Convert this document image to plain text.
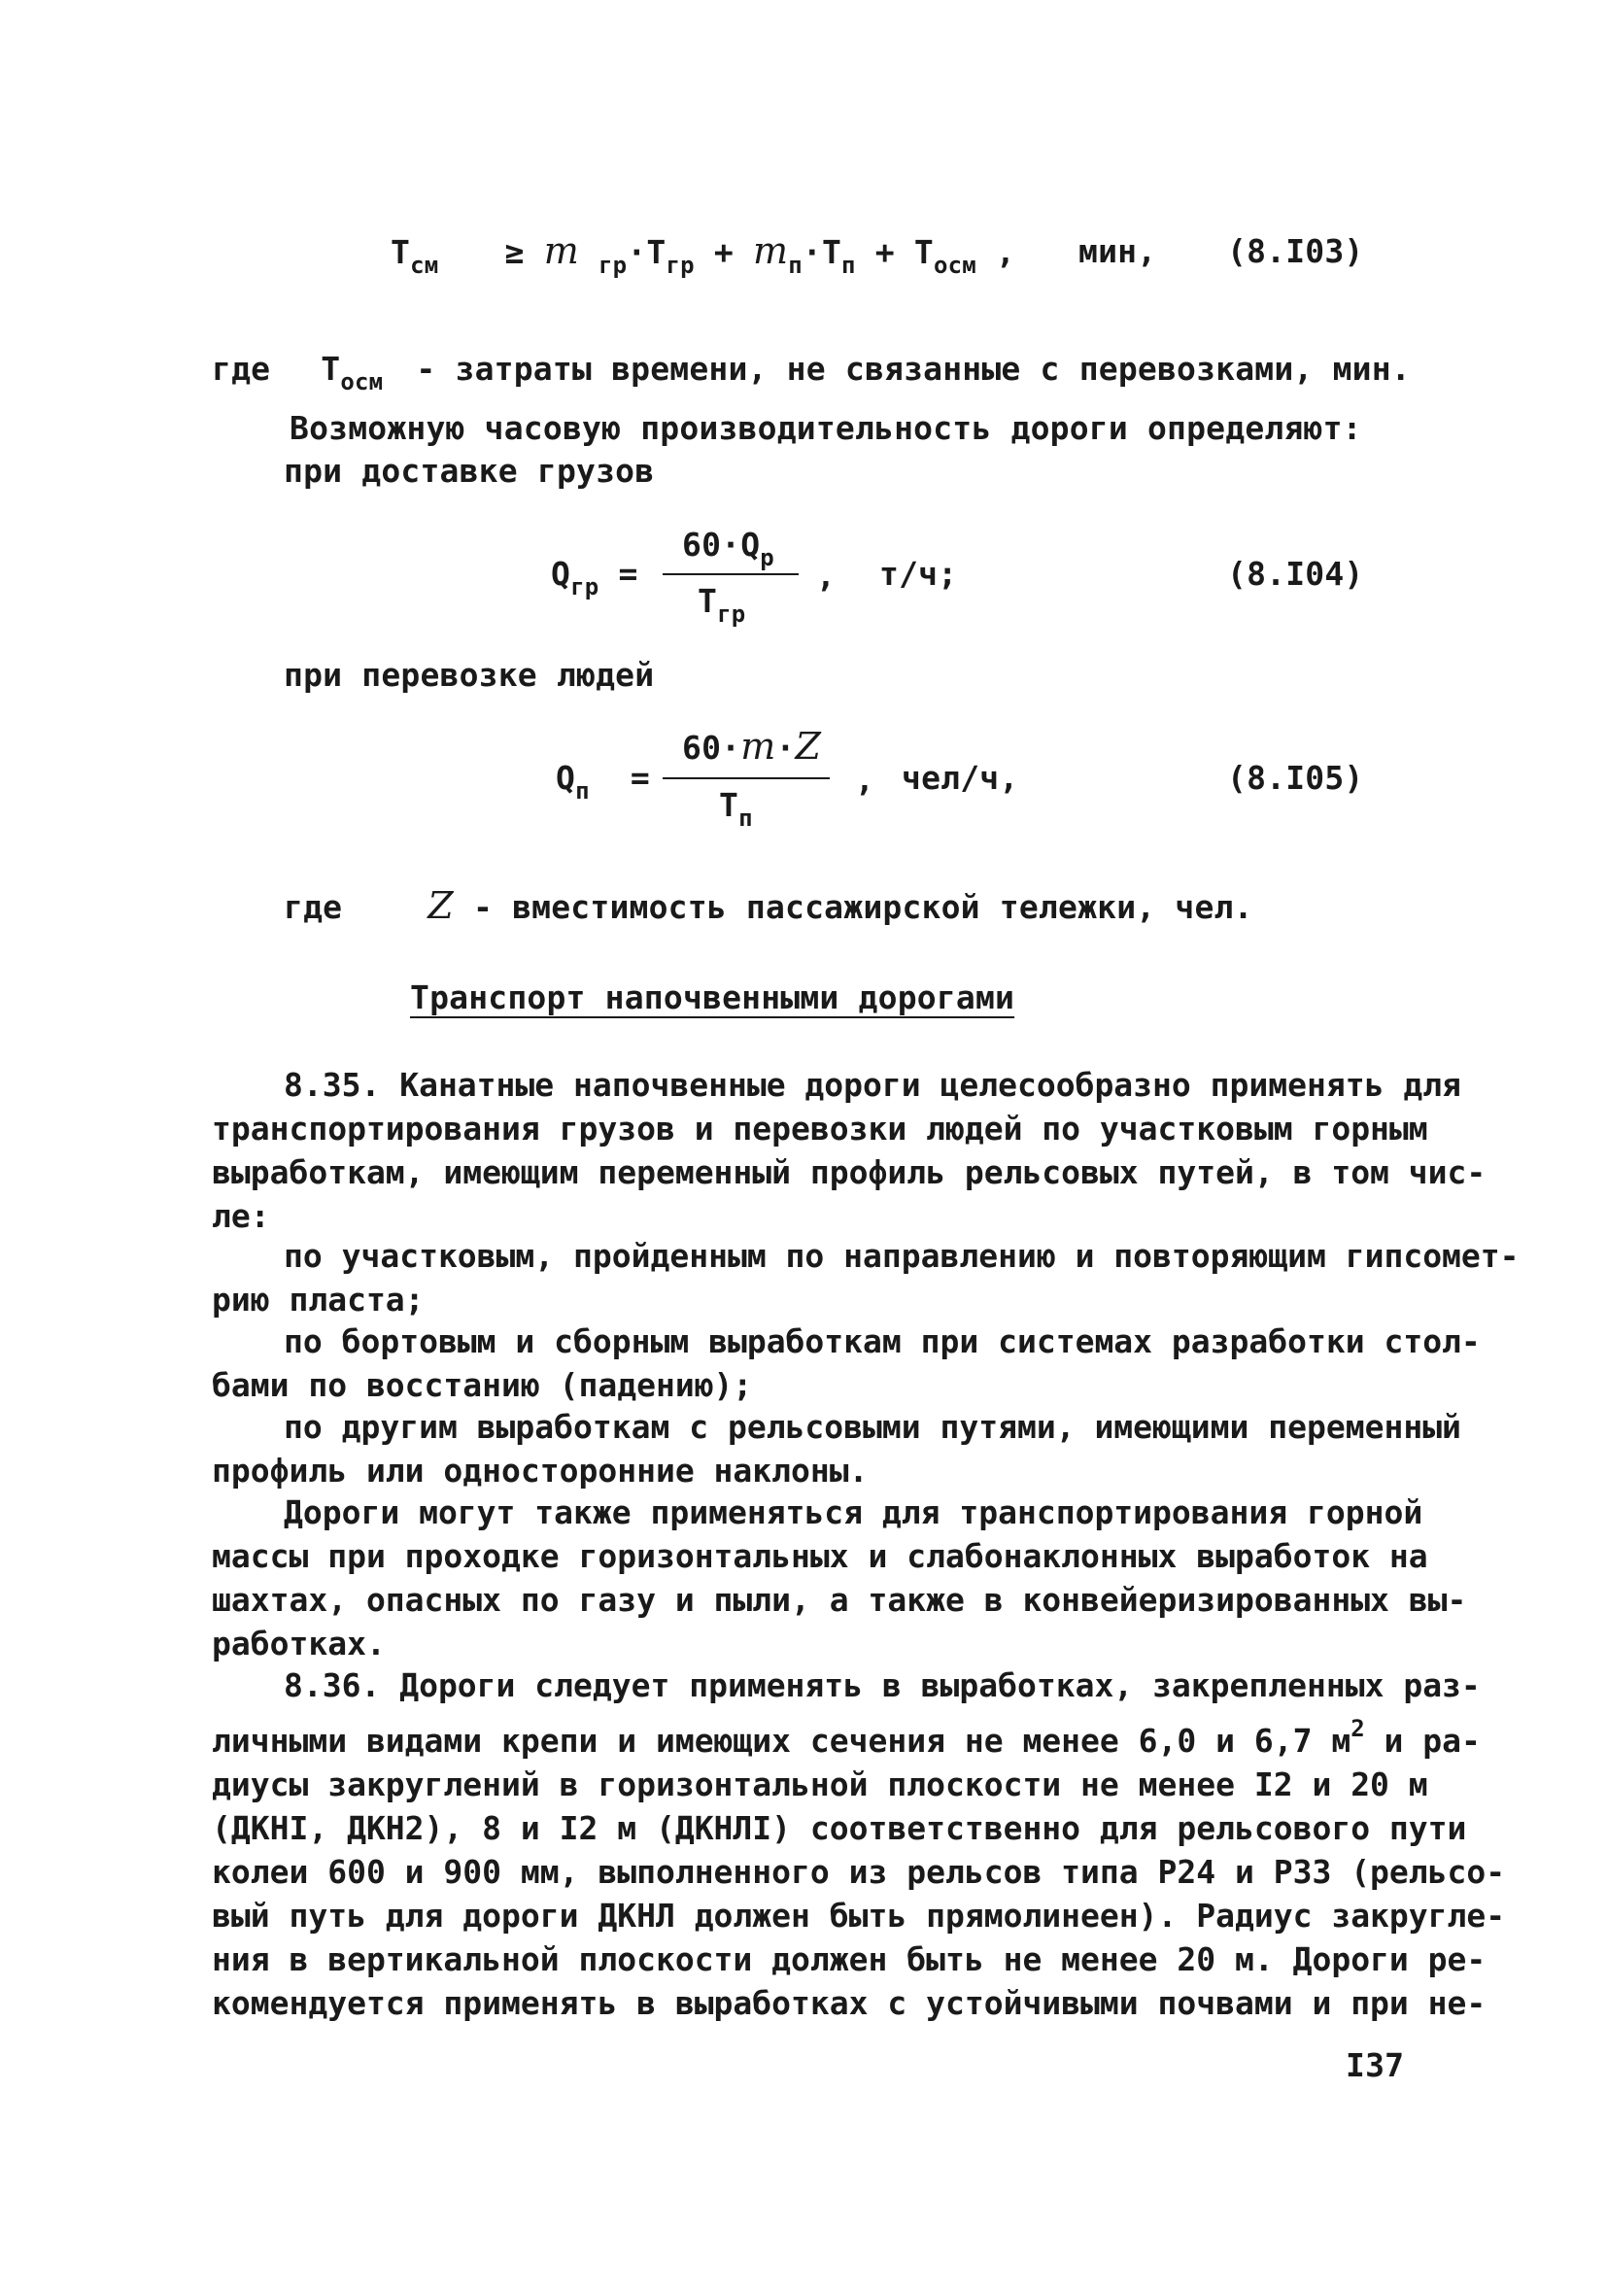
$Т_{см} \ge m$ $_{гр}\cdot Т_{гр} + m_п\cdot Т_п + Т_{осм}$ , мин, (8.I03)
где $Т_{осм}$ - затраты времени, не связанные с перевозками, мин.
Возможную часовую производительность дороги определяют:
при доставке грузов
$Q_{гр}$ =
$60\cdot Q_р$
$Т_{гр}$
, т/ч;	(8.I04)
при перевозке людей
$Q_п$ =
60·m·Z
$Т_п$
, чел/ч,	(8.I05)
где Z - вместимость пассажирской тележки, чел.
Транспорт напочвенными дорогами
8.35. Канатные напочвенные дороги целесообразно применять для
транспортирования грузов и перевозки людей по участковым горным
выработкам, имеющим переменный профиль рельсовых путей, в том чис-
ле:
по участковым, пройденным по направлению и повторяющим гипсомет-
рию пласта;
по бортовым и сборным выработкам при системах разработки стол-
бами по восстанию (падению);
по другим выработкам с рельсовыми путями, имеющими переменный
профиль или односторонние наклоны.
Дороги могут также применяться для транспортирования горной
массы при проходке горизонтальных и слабонаклонных выработок на
шахтах, опасных по газу и пыли, а также в конвейеризированных вы-
работках.
8.36. Дороги следует применять в выработках, закрепленных раз-
личными видами крепи и имеющих сечения не менее 6,0 и 6,7 $м^2$ и ра-
диусы закруглений в горизонтальной плоскости не менее I2 и 20 м
(ДКНI, ДКН2), 8 и I2 м (ДКНЛI) соответственно для рельсового пути
колеи 600 и 900 мм, выполненного из рельсов типа Р24 и Р33 (рельсо-
вый путь для дороги ДКНЛ должен быть прямолинеен). Радиус закругле-
ния в вертикальной плоскости должен быть не менее 20 м. Дороги ре-
комендуется применять в выработках с устойчивыми почвами и при не-
I37
